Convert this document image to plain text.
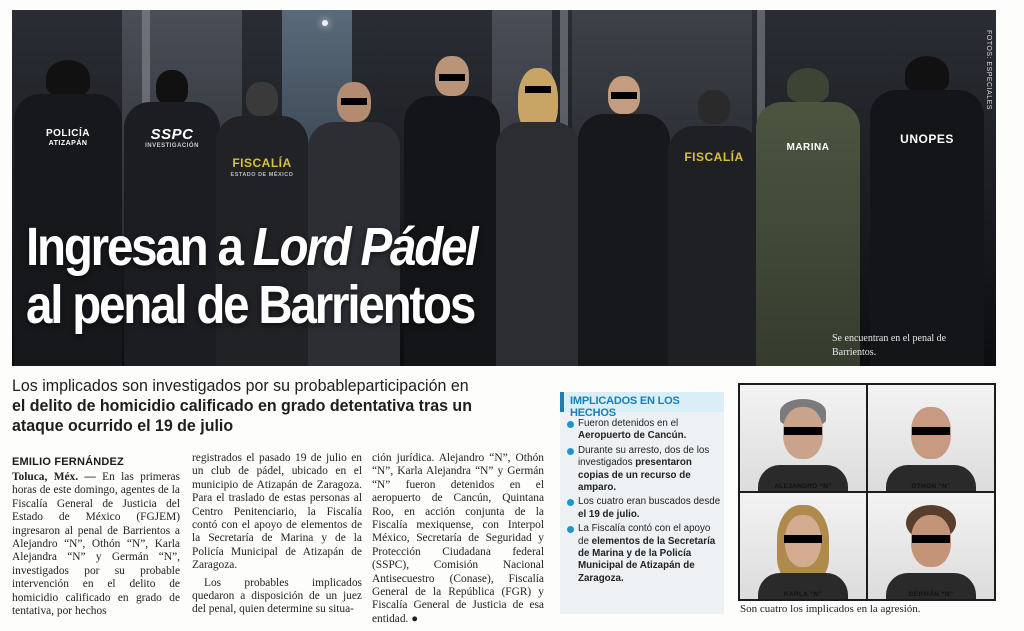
POLICÍA
ATIZAPÁN
SSPC
INVESTIGACIÓN
FISCALÍA
ESTADO DE MÉXICO
FISCALÍA
MARINA
UNOPES
Ingresan a Lord Pádel
al penal de Barrientos
Se encuentran en el penal de Barrientos.
FOTOS: ESPECIALES
Los implicados son investigados por su probableparticipación en
el delito de homicidio calificado en grado detentativa tras un ataque ocurrido el 19 de julio
EMILIO FERNÁNDEZ

Toluca, Méx. — En las primeras horas de este domingo, agentes de la Fiscalía General de Justicia del Estado de México (FGJEM) ingresaron al penal de Barrientos a Alejandro “N”, Othón “N”, Karla Alejandra “N” y Germán “N”, investigados por su probable intervención en el delito de homicidio calificado en grado de tentativa, por hechos

registrados el pasado 19 de julio en un club de pádel, ubicado en el municipio de Atizapán de Zaragoza. Para el traslado de estas personas al Centro Penitenciario, la Fiscalía contó con el apoyo de elementos de la Secretaría de Marina y de la Policía Municipal de Atizapán de Zaragoza.

Los probables implicados quedaron a disposición de un juez del penal, quien determine su situa-

ción jurídica. Alejandro “N”, Othón “N”, Karla Alejandra “N” y Germán “N” fueron detenidos en el aeropuerto de Cancún, Quintana Roo, en acción conjunta de la Fiscalía mexiquense, con Interpol México, Secretaría de Seguridad y Protección Ciudadana federal (SSPC), Comisión Nacional Antisecuestro (Conase), Fiscalía General de la República (FGR) y Fiscalía General de Justicia de esa entidad. ●

IMPLICADOS EN LOS HECHOS
Fueron detenidos en el Aeropuerto de Cancún.
Durante su arresto, dos de los investigados presentaron copias de un recurso de amparo.
Los cuatro eran buscados desde el 19 de julio.
La Fiscalía contó con el apoyo de elementos de la Secretaría de Marina y de la Policía Municipal de Atizapán de Zaragoza.
ALEJANDRO “N”	OTHON “N”
KARLA “N”	GERMÁN “N”
Son cuatro los implicados en la agresión.
